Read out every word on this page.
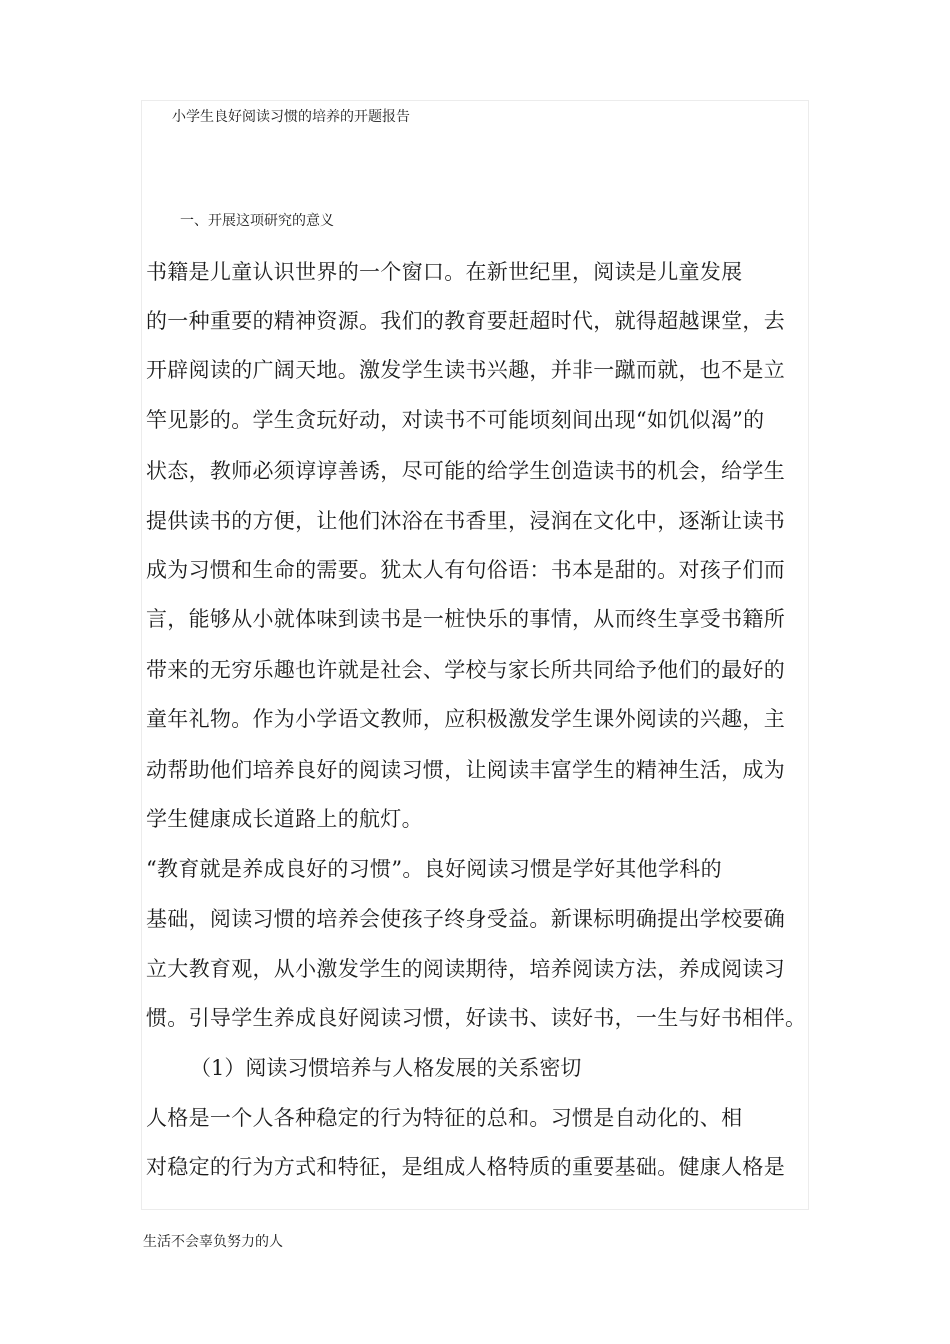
小学生良好阅读习惯的培养的开题报告
一、开展这项研究的意义
书籍是儿童认识世界的一个窗口。在新世纪里，阅读是儿童发展
的一种重要的精神资源。我们的教育要赶超时代，就得超越课堂，去
开辟阅读的广阔天地。激发学生读书兴趣，并非一蹴而就，也不是立
竿见影的。学生贪玩好动，对读书不可能顷刻间出现“如饥似渴”的
状态，教师必须谆谆善诱，尽可能的给学生创造读书的机会，给学生
提供读书的方便，让他们沐浴在书香里，浸润在文化中，逐渐让读书
成为习惯和生命的需要。犹太人有句俗语：书本是甜的。对孩子们而
言，能够从小就体味到读书是一桩快乐的事情，从而终生享受书籍所
带来的无穷乐趣也许就是社会、学校与家长所共同给予他们的最好的
童年礼物。作为小学语文教师，应积极激发学生课外阅读的兴趣，主
动帮助他们培养良好的阅读习惯，让阅读丰富学生的精神生活，成为
学生健康成长道路上的航灯。
“教育就是养成良好的习惯”。良好阅读习惯是学好其他学科的
基础，阅读习惯的培养会使孩子终身受益。新课标明确提出学校要确
立大教育观，从小激发学生的阅读期待，培养阅读方法，养成阅读习
惯。引导学生养成良好阅读习惯，好读书、读好书，一生与好书相伴。
（1）阅读习惯培养与人格发展的关系密切
人格是一个人各种稳定的行为特征的总和。习惯是自动化的、相
对稳定的行为方式和特征，是组成人格特质的重要基础。健康人格是
生活不会辜负努力的人
